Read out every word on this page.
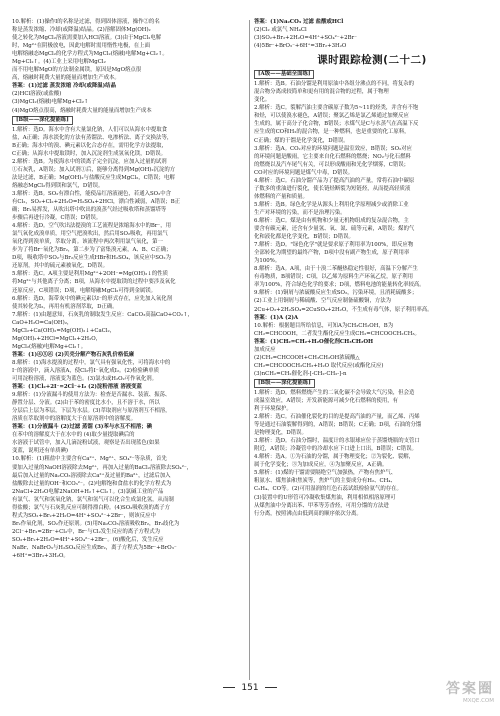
10.解析：(1)操作Ⅰ的名称是过滤，得到固体溶液，操作②的名
称是蒸发浓缩、冷却(或降温)结晶。(2)溶解固体Mg(OH)₂
使之转化为MgCl₂溶液需要加入HCl溶液。(3)由于MgCl₂电解
时，Mg²⁺在阴极放电，因此电解时需用惰性电极，在上面
电解熔融态MgCl₂的化学方程式为MgCl₂(熔融)电解Mg+Cl₂↑。
Mg+Cl₂↑。(4)工业上采用电解MgCl₂
而不用电解MgO的方法制金属镁，原因是MgO熔点很
高，熔融时耗费大量的能量而增加生产成本。
答案：(1)过滤 蒸发浓缩 冷却(或降温)结晶
(2)HCl溶液(或盐酸)
(3)MgCl₂(熔融)电解Mg+Cl₂↑
(4)MgO熔点很高，熔融时耗费大量的能量而增加生产成本
[B级——深化提能练]
1.解析：选D。海水中含有大量氯化钠，人们可以从海水中提取食
盐，A正确；海水淡化的方法有蒸馏法、电渗析法、离子交换法等，
B正确；海水中的溴、碘元素以化合态存在，需用化学方法提取，
C正确；从海水中提取镁时，加入沉淀剂生成氢氧化镁，D错误。
2.解析：选B。为使海水中的镁离子完全沉淀，应加入过量的试剂
①石灰乳，A错误；加入试剂①后，能够分离得到Mg(OH)₂沉淀的方
法是过滤，B正确；Mg(OH)₂与盐酸反应生成MgCl₂，C错误；电解
熔融态MgCl₂得到镁和氯气，D错误。
3.解析：选B。SO₂有漂白性，能使品红溶液褪色，若通入SO₂中含
有Cl₂，SO₂+Cl₂+2H₂O=H₂SO₄+2HCl，漂白性减弱，A错误；B正
确；Br₂易挥发，从吹出塔中吹出的溴蒸气经过吸收塔和蒸馏塔等
步骤后再进行冷凝，C错误；D错误。
4.解析：选D。空气吹出法提溴的工艺流程是浓缩海水中的Br⁻，用
氯气氧化成溴单质，用空气把溴吹出，然后用SO₂吸收，再用氯气
氧化得到溴单质，萃取分离。该流程中两次利用氯气氧化，第一
步为了将Br⁻氧化为Br₂，第二步为了富集溴元素，A、B、C正确；
D项，吸收塔中SO₂与Br₂反应生成HBr和H₂SO₄，该反应中SO₂为
还原剂，其中的硫元素被氧化，D错误。
5.解析：选C。A项主要是利用Mg²⁺+2OH⁻=Mg(OH)₂↓的性质
将Mg²⁺与其他离子分离；B项，从海水中提取镁的过程中要涉及氧化
还原反应，C项错误；D项，电解熔融MgCl₂可得到金属镁。
6.解析：选D。海带灰中的碘元素以I⁻的形式存在，应先加入氧化剂
使其转化为I₂，再用有机溶剂萃取，D正确。
7.解析：(1)由题意知，石灰乳的制取发生反应：CaCO₃高温CaO+CO₂↑，
CaO+H₂O=Ca(OH)₂，
MgCl₂+Ca(OH)₂=Mg(OH)₂↓+CaCl₂，
Mg(OH)₂+2HCl=MgCl₂+2H₂O，
MgCl₂(熔融)电解Mg+Cl₂↑。
答案：(1)④⑤⑥ (2)贝壳分解产物石灰乳价格低廉
8.解析：(1)海水提溴的过程中，氯气具有强氧化性，可将海水中的
I⁻的溶液中，滴入溶液A，使Cl₂将I⁻氧化成I₂。(2)检验碘单质
可用淀粉溶液，溶液变为蓝色。(3)氯水或H₂O₂可作氧化剂。
答案：(1)Cl₂+2I⁻=2Cl⁻+I₂ (2)淀粉溶液 溶液变蓝
9.解析：(1)分液漏斗的使用方法为：检查是否漏水、装液、振荡、
静置分层、分液。(2)由于苯的密度比水小，且不溶于水，所以
分层后上层为苯层，下层为水层。(3)萃取剂应与原溶剂互不相溶，
溶质在萃取剂中的溶解度大于在原溶剂中的溶解度。
答案：(1)分液漏斗 (2)过滤 蒸馏 (3)苯与水互不相溶；碘
在苯中的溶解度大于在水中的 (4)取少量提取碘后的
水溶液于试管中，加入几滴淀粉试液，观察是否出现蓝色(如果
变蓝，说明还有单质碘)
10.解析：(1)粗盐中主要含有Ca²⁺、Mg²⁺、SO₄²⁻等杂质，首先
要加入过量的NaOH溶液除去Mg²⁺，再加入过量的BaCl₂溶液除去SO₄²⁻，
最后加入过量的Na₂CO₃溶液除去Ca²⁺及过量的Ba²⁺，过滤后加入
盐酸除去过量的OH⁻和CO₃²⁻。(2)电解饱和食盐水的化学方程式为
2NaCl+2H₂O电解2NaOH+H₂↑+Cl₂↑。(3)氯碱工业的产品
有氯气、氢气和氢氧化钠，氯气和氢气可以化合生成氯化氢，从而制
得盐酸；氯气与石灰乳反应可制得漂白粉。(4)SO₂吸收溴的离子方
程式为SO₂+Br₂+2H₂O=4H⁺+SO₄²⁻+2Br⁻，则该反应中
Br₂作氧化剂，SO₂作还原剂。(5)用Na₂CO₃溶液吸收Br₂，Br₂歧化为
2Cl⁻+Br₂=2Br⁻+Cl₂中，Br⁻与Cl₂发生反应的离子方程式为
SO₂+Br₂+2H₂O=4H⁺+SO₄²⁻+2Br⁻。(6)酸化后，发生反应
NaBr、NaBrO₃与H₂SO₄反应生成Br₂，离子方程式为5Br⁻+BrO₃⁻
+6H⁺=3Br₂+3H₂O。
答案：(1)Na₂CO₃ 过滤 盐酸或HCl
(2)Cl₂ 或氯气 NH₄Cl
(3)SO₂+Br₂+2H₂O=4H⁺+SO₄²⁻+2Br⁻
(4)5Br⁻+BrO₃⁻+6H⁺=3Br₂+3H₂O
课时跟踪检测(二十二)
[A级——基础全面练]
1.解析：选B。石油分馏是利用原油中各组分沸点的不同，将复杂的
混合物分离成较简单和更有用的混合物的过程，属于物理
变化。
2.解析：选C。裂解汽油主要含碳原子数为5~11的烃类，并含有不饱
和烃，可以使溴水褪色，A错误；聚氯乙烯是氯乙烯通过加聚反应
生成的，属于高分子化合物，B错误；水煤气是C与水蒸气在高温下反
应生成的CO和H₂的混合物，是一种燃料，也是重要的化工原料，
C正确；煤的干馏是化学变化，D错误。
3.解析：选A。CO₂对应的环境问题是温室效应，B错误；SO₂对应
的环境问题是酸雨，它主要来自化石燃料的燃烧；NO₂与化石燃料
的燃烧以及汽车尾气有关，可以形成酸雨和光化学烟雾，C错误；
CO对应的环境问题是煤气中毒，D错误。
4.解析：选C。石油分馏产品为了提高汽油的产量，常将石油中碳原
子数多的重油进行裂化，使长链烃断裂为短链烃，从而提高轻质液
体燃料的产量和质量。
5.解析：选B。绿色化学是从源头上利用化学原理减少或消除工业
生产对环境的污染，而不是治理污染。
6.解析：选C。煤是由有机物和少量无机物组成的复杂混合物，主
要含有碳元素，还含有少量氢、氧、氮、硫等元素，A错误；煤的气
化和液化都是化学变化，B错误；D错误。
7.解析：选D。"绿色化学"就是要求原子利用率为100%，即反应物
全部转化为期望的最终产物，D项中没有副产物生成，原子利用率
为100%。
8.解析：选A。A项，由于十溴二苯醚热稳定性很好，高温下分解产生
有毒物质，B项错误；C项，以乙烯为原料生产环氧乙烷，原子利用
率为100%，符合绿色化学的要求；D项，燃料电池的能量转化率较高。
9.解析：(1)铜屑与浓硫酸反应生成SO₂，污染环境，且消耗硫酸多；
(2)工业上用铜屑与稀硫酸、空气反应制备硫酸铜，方法为
2Cu+O₂+2H₂SO₄=2CuSO₄+2H₂O，不生成有毒气体，原子利用率高。
答案：(1)A (2)A
10.解析：根据题目所给信息，可知A为CH₃CH₂OH，B为
CH₂=CHCOOH，二者发生酯化反应生成CH₂=CHCOOCH₂CH₃。
答案：(1)CH₂=CH₂+H₂O催化剂CH₃CH₂OH
加成反应
(2)CH₂=CHCOOH+CH₃CH₂OH浓硫酸△
CH₂=CHCOOCH₂CH₃+H₂O 取代反应(或酯化反应)
(3)nCH₂=CH₂催化剂-[-CH₂-CH₂-]-n
[B级——深化提能练]
1.解析：选D。燃料燃烧产生的二氧化碳不会导致大气污染，但会造
成温室效应，A错误；开发新能源可减少化石燃料的使用，有
利于环境保护。
2.解析：选C。石油催化裂化的目的是提高汽油的产量，而乙烯、丙烯
等是通过石油裂解得到的，A错误；B错误；C正确；D项，石油的分馏
是物理变化，D错误。
3.解析：选D。石油分馏时，温度计的水银球应位于蒸馏烧瓶的支管口
附近，A错误；冷凝管中的冷却水应下口进上口出，B错误；C错误。
4.解析：选A。①为石油的分馏，属于物理变化；②为裂化、裂解，
属于化学变化；③为加成反应，④为加聚反应，A正确。
5.解析：(1)煤的干馏需要隔绝空气加强热，产物有焦炉气、
粗氨水、煤焦油和焦炭等，焦炉气的主要成分有H₂、CH₄、
C₂H₄、CO等。(2)可用湿润的红色石蕊试纸检验氨气的存在。
(3)装置中的U形管可冷凝收集煤焦油，利用相似相溶原理可
从煤焦油中分离出苯、甲苯等芳香烃，可用分馏的方法进
行分离，按照沸点由低到高的顺序依次分离。
151	答案圈
MXQE.COM
